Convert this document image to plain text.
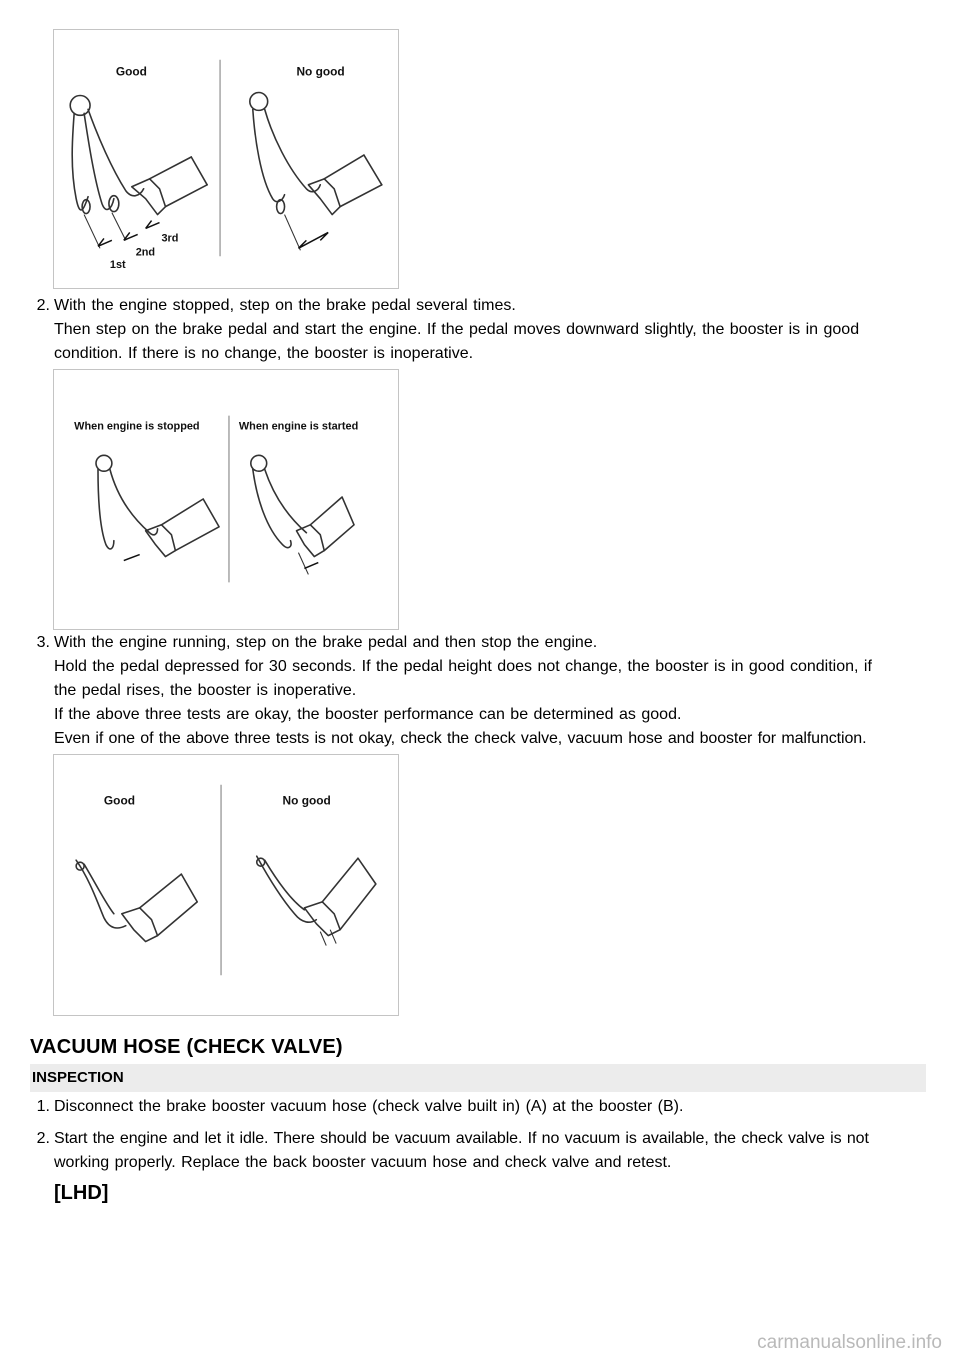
Good	No good
1st
2nd
3rd
2. With the engine stopped, step on the brake pedal several times.
Then step on the brake pedal and start the engine. If the pedal moves downward slightly, the booster is in good
condition. If there is no change, the booster is inoperative.
When engine is stopped	When engine is started
3. With the engine running, step on the brake pedal and then stop the engine.
Hold the pedal depressed for 30 seconds. If the pedal height does not change, the booster is in good condition, if
the pedal rises, the booster is inoperative.
If the above three tests are okay, the booster performance can be determined as good.
Even if one of the above three tests is not okay, check the check valve, vacuum hose and booster for malfunction.
Good	No good
VACUUM HOSE (CHECK VALVE)
INSPECTION
1. Disconnect the brake booster vacuum hose (check valve built in) (A) at the booster (B).
2. Start the engine and let it idle. There should be vacuum available. If no vacuum is available, the check valve is not
working properly. Replace the back booster vacuum hose and check valve and retest.
[LHD]
carmanualsonline.info
